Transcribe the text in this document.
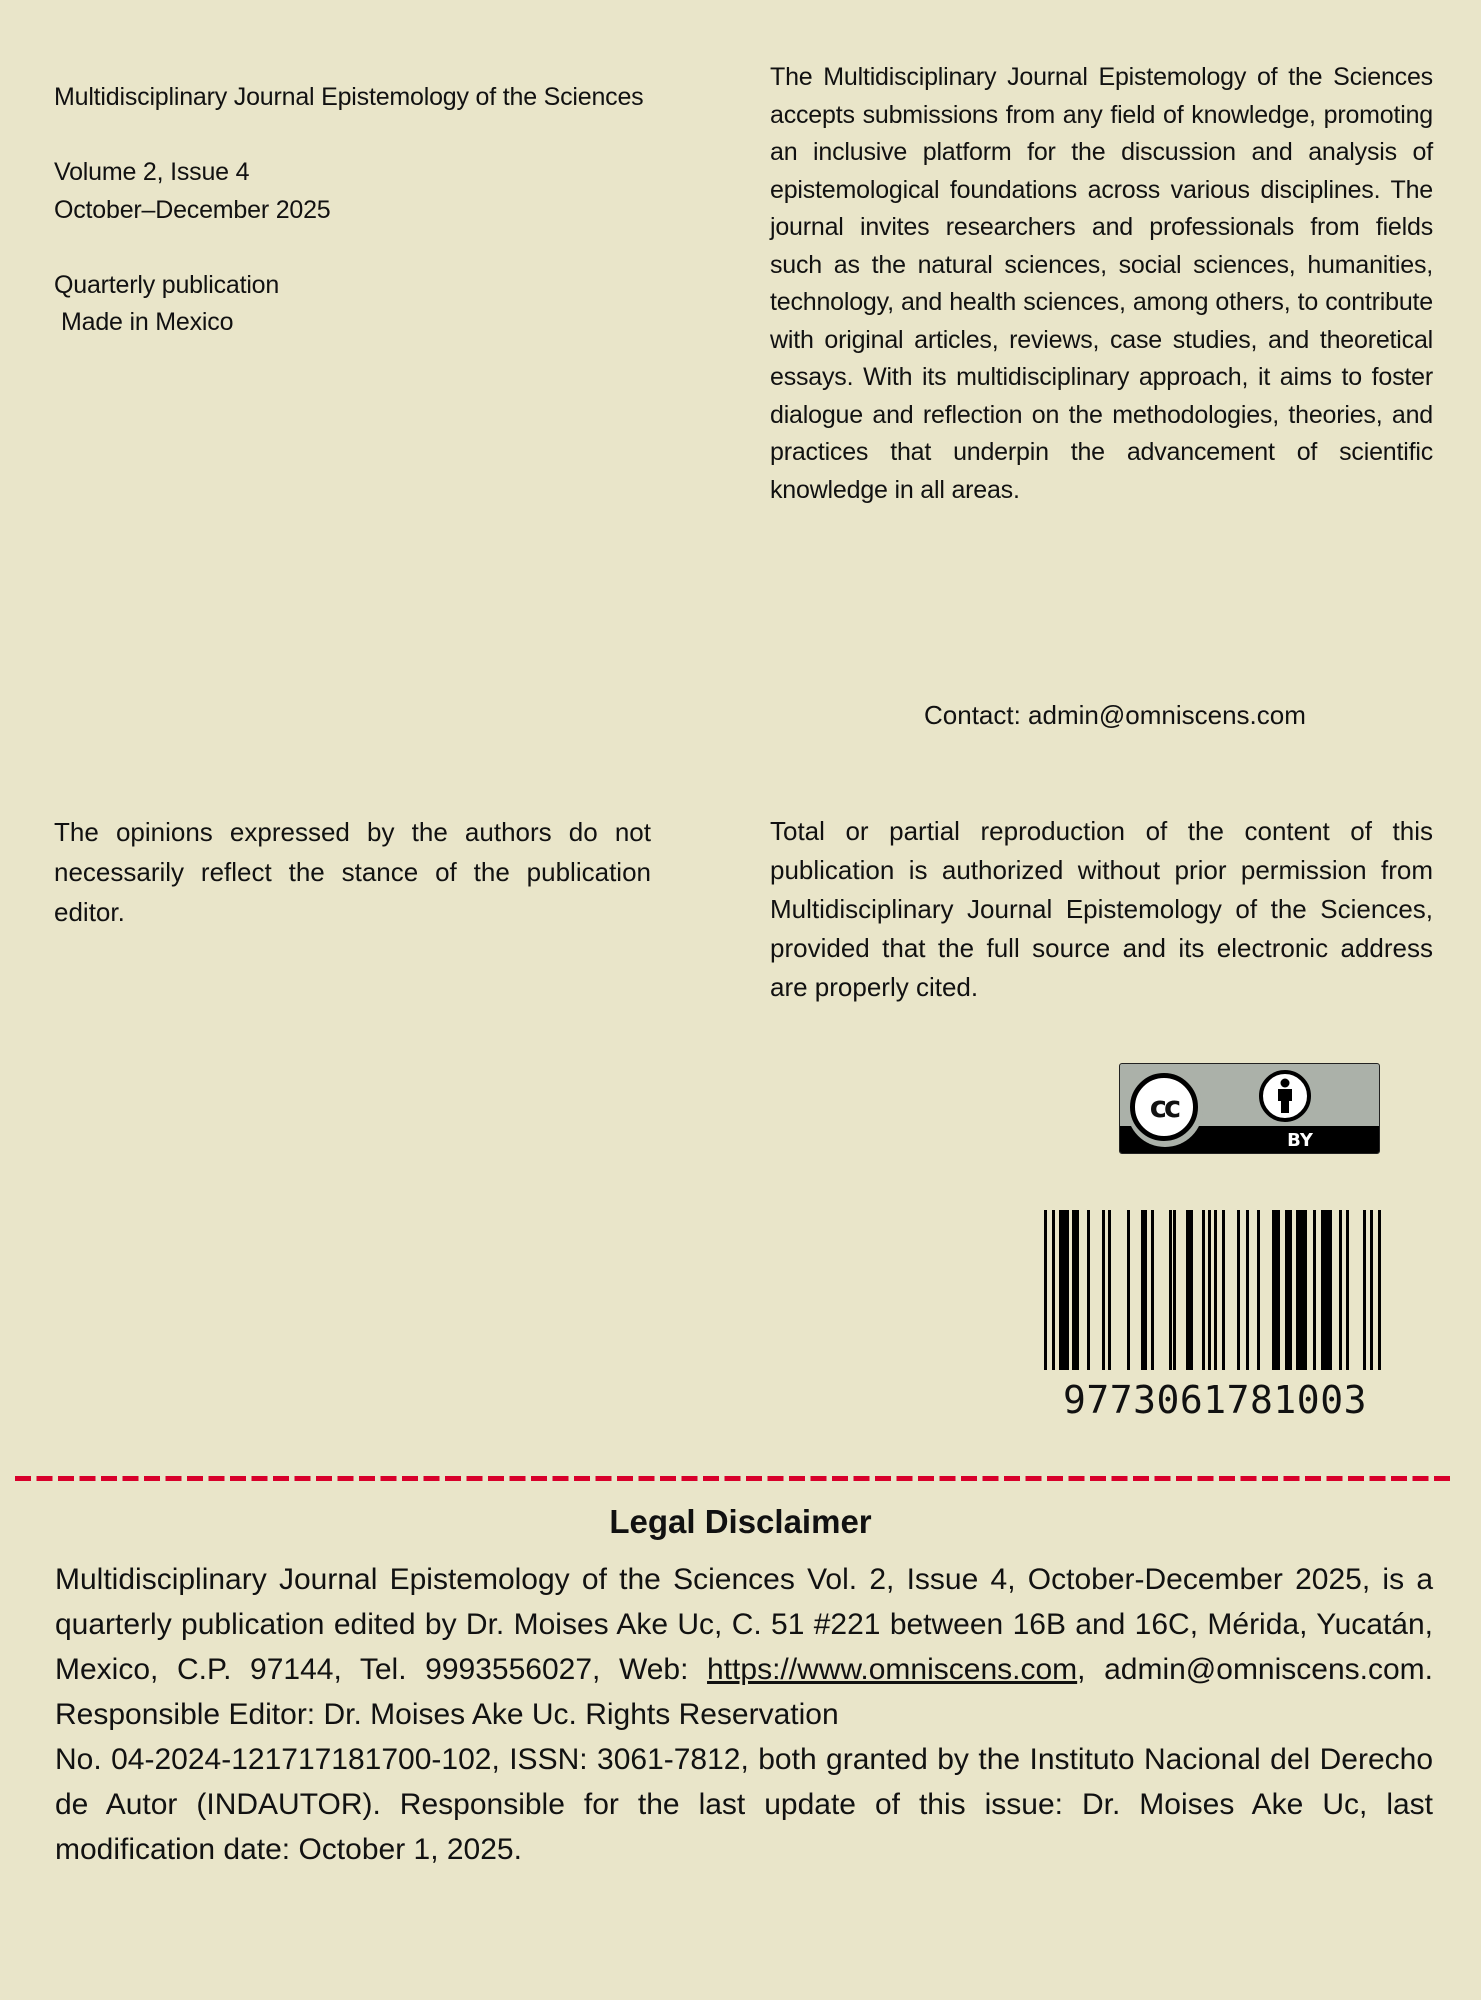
Multidisciplinary Journal Epistemology of the Sciences

Volume 2, Issue 4

October–December 2025

Quarterly publication

Made in Mexico

The Multidisciplinary Journal Epistemology of the Sciences accepts submissions from any field of knowledge, promoting an inclusive platform for the discussion and analysis of epistemological foundations across various disciplines. The journal invites researchers and professionals from fields such as the natural sciences, social sciences, humanities, technology, and health sciences, among others, to contribute with original articles, reviews, case studies, and theoretical essays. With its multidisciplinary approach, it aims to foster dialogue and reflection on the methodologies, theories, and practices that underpin the advancement of scientific knowledge in all areas.

Contact: admin@omniscens.com

The opinions expressed by the authors do not necessarily reflect the stance of the publication editor.

Total or partial reproduction of the content of this publication is authorized without prior permission from Multidisciplinary Journal Epistemology of the Sciences, provided that the full source and its electronic address are properly cited.

cc
BY
9773061781003
Legal Disclaimer

Multidisciplinary Journal Epistemology of the Sciences Vol. 2, Issue 4, October-December 2025, is a quarterly publication edited by Dr. Moises Ake Uc, C. 51 #221 between 16B and 16C, Mérida, Yucatán, Mexico, C.P. 97144, Tel. 9993556027, Web: https://www.omniscens.com, admin@omniscens.com. Responsible Editor: Dr. Moises Ake Uc. Rights Reservation

No. 04-2024-121717181700-102, ISSN: 3061-7812, both granted by the Instituto Nacional del Derecho de Autor (INDAUTOR). Responsible for the last update of this issue: Dr. Moises Ake Uc, last modification date: October 1, 2025.
